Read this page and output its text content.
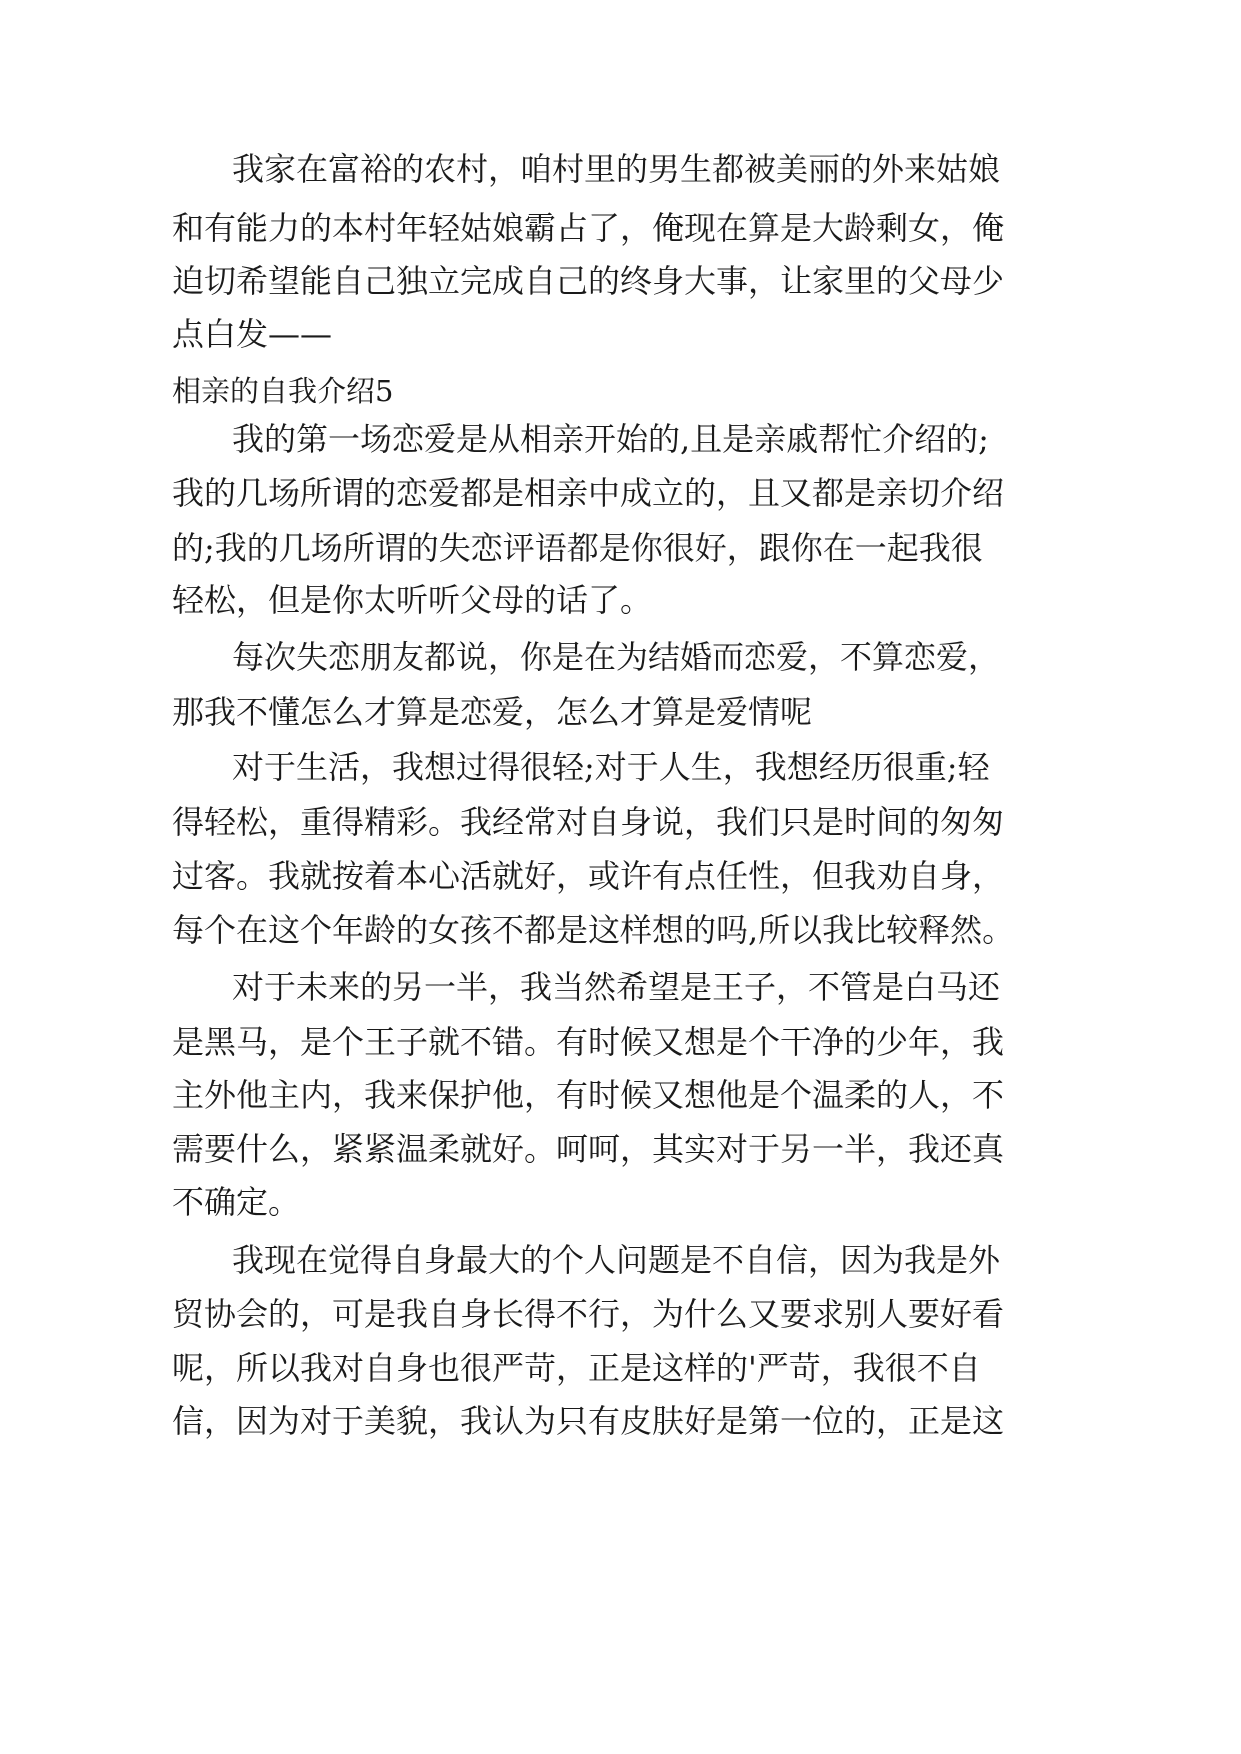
我家在富裕的农村，咱村里的男生都被美丽的外来姑娘
和有能力的本村年轻姑娘霸占了，俺现在算是大龄剩女，俺
迫切希望能自己独立完成自己的终身大事，让家里的父母少
点白发——
相亲的自我介绍5
我的第一场恋爱是从相亲开始的,且是亲戚帮忙介绍的;
我的几场所谓的恋爱都是相亲中成立的，且又都是亲切介绍
的;我的几场所谓的失恋评语都是你很好，跟你在一起我很
轻松，但是你太听听父母的话了。
每次失恋朋友都说，你是在为结婚而恋爱，不算恋爱，
那我不懂怎么才算是恋爱，怎么才算是爱情呢
对于生活，我想过得很轻;对于人生，我想经历很重;轻
得轻松，重得精彩。我经常对自身说，我们只是时间的匆匆
过客。我就按着本心活就好，或许有点任性，但我劝自身，
每个在这个年龄的女孩不都是这样想的吗,所以我比较释然。
对于未来的另一半，我当然希望是王子，不管是白马还
是黑马，是个王子就不错。有时候又想是个干净的少年，我
主外他主内，我来保护他，有时候又想他是个温柔的人，不
需要什么，紧紧温柔就好。呵呵，其实对于另一半，我还真
不确定。
我现在觉得自身最大的个人问题是不自信，因为我是外
贸协会的，可是我自身长得不行，为什么又要求别人要好看
呢，所以我对自身也很严苛，正是这样的'严苛，我很不自
信，因为对于美貌，我认为只有皮肤好是第一位的，正是这
